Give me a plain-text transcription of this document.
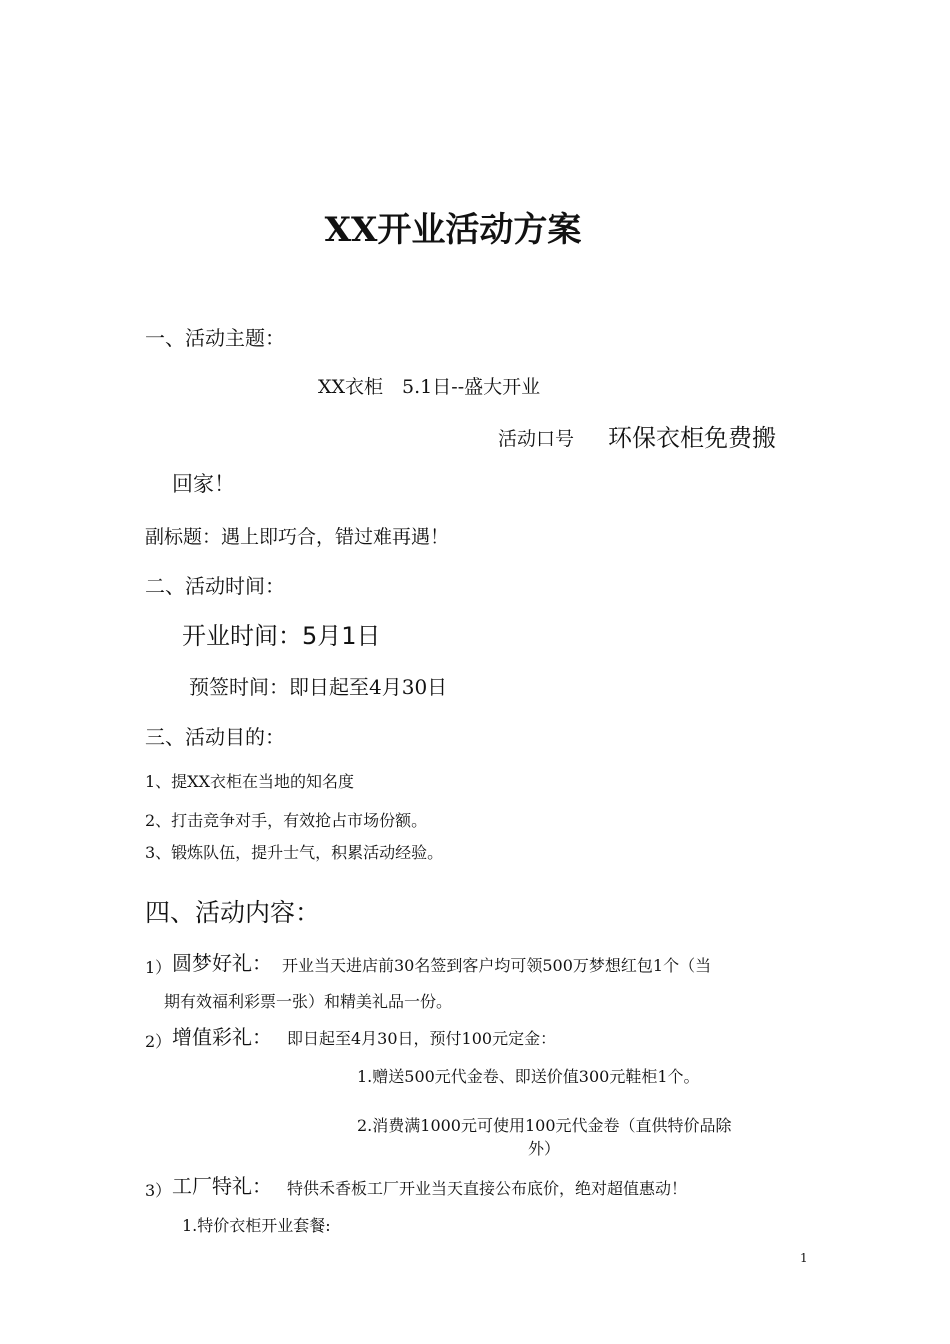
XX开业活动方案
一、活动主题：
XX衣柜　5.1日--盛大开业
活动口号 环保衣柜免费搬
回家！
副标题：遇上即巧合，错过难再遇！
二、活动时间：
开业时间：5月1日
预签时间：即日起至4月30日
三、活动目的：
1、提XX衣柜在当地的知名度
2、打击竞争对手，有效抢占市场份额。
3、锻炼队伍，提升士气，积累活动经验。
四、活动内容：
1） 圆梦好礼： 开业当天进店前30名签到客户均可领500万梦想红包1个（当
期有效福利彩票一张）和精美礼品一份。
2） 增值彩礼： 即日起至4月30日，预付100元定金：
1.赠送500元代金卷、即送价值300元鞋柜1个。
2.消费满1000元可使用100元代金卷（直供特价品除
外）
3） 工厂特礼： 特供禾香板工厂开业当天直接公布底价，绝对超值惠动！
1.特价衣柜开业套餐:
1
